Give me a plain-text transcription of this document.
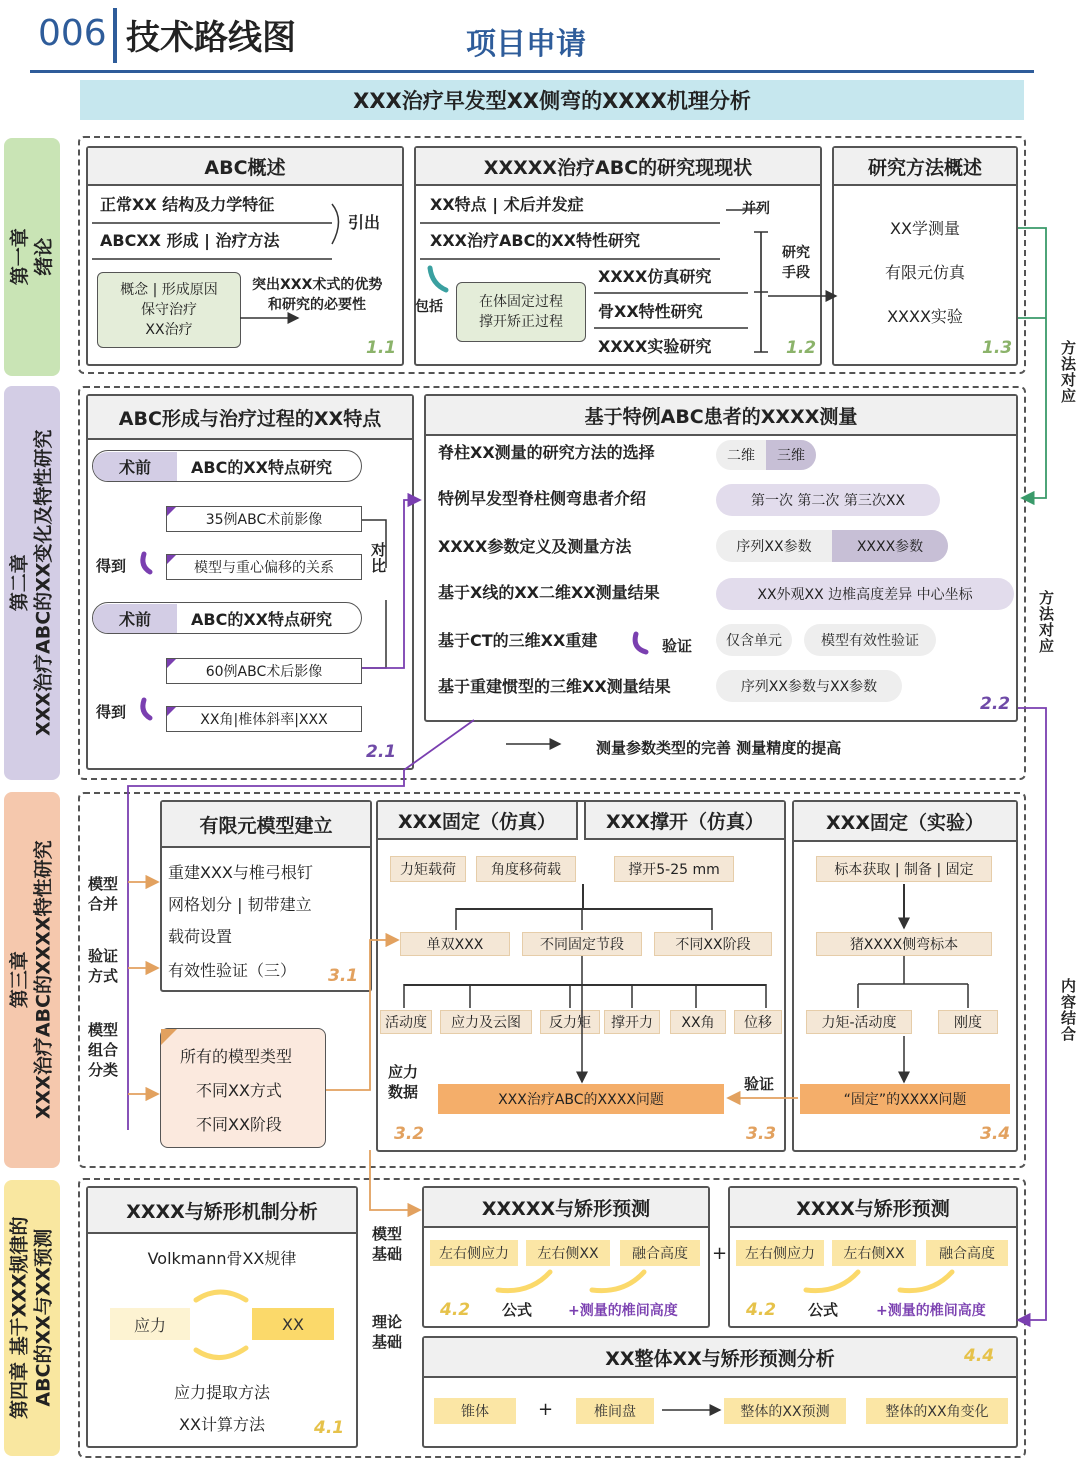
006 技术路线图	项目申请
XXX治疗早发型XX侧弯的XXXX机理分析
第一章 绪论
第二章 XXX治疗ABC的XX变化及特性研究
第三章 XXX治疗ABC的XXXX特性研究
第四章 基于XXX规律的 ABC的XX与XX预测
ABC概述
正常XX 结构及力学特征
ABCXX 形成 | 治疗方法
引出
概念 | 形成原因
保守治疗
XX治疗
突出XXX术式的优势
和研究的必要性
1.1
XXXXX治疗ABC的研究现现状
XX特点 | 术后并发症	并列
XXX治疗ABC的XX特性研究
包括	在体固定过程
撑开矫正过程
XXXX仿真研究
骨XX特性研究
XXXX实验研究
研究
手段
1.2
研究方法概述
XX学测量
有限元仿真
XXXX实验
1.3
ABC形成与治疗过程的XX特点
术前	ABC的XX特点研究
35例ABC术前影像
得到	模型与重心偏移的关系	对比
术前	ABC的XX特点研究
60例ABC术后影像
得到	XX角|椎体斜率|XXX
2.1
基于特例ABC患者的XXXX测量
脊柱XX测量的研究方法的选择	二维	三维
特例早发型脊柱侧弯患者介绍	第一次 第二次 第三次XX
XXXX参数定义及测量方法	序列XX参数	XXXX参数
基于X线的XX二维XX测量结果	XX外观XX 边椎高度差异 中心坐标
基于CT的三维XX重建	验证	仅含单元	模型有效性验证
基于重建惯型的三维XX测量结果	序列XX参数与XX参数
2.2
测量参数类型的完善 测量精度的提高
有限元模型建立
重建XXX与椎弓根钉
网格划分 | 韧带建立
载荷设置
有效性验证（三） 3.1
模型
合并
验证
方式
模型
组合
分类
所有的模型类型
不同XX方式
不同XX阶段
XXX固定（仿真）	XXX撑开（仿真）
力矩载荷	角度移荷载	撑开5-25 mm
单双XXX	不同固定节段	不同XX阶段
活动度	应力及云图	反力矩	撑开力	XX角	位移
应力
数据	XXX治疗ABC的XXXX问题
验证
3.2	3.3
XXX固定（实验）
标本获取 | 制备 | 固定
猪XXXX侧弯标本
力矩-活动度	刚度
“固定”的XXXX问题
3.4
XXXX与矫形机制分析
Volkmann骨XX规律
应力	XX
应力提取方法
XX计算方法	4.1
模型
基础
理论
基础
XXXXX与矫形预测
左右侧应力	左右侧XX	融合高度
4.2 公式	+测量的椎间高度
+
XXXX与矫形预测
左右侧应力	左右侧XX	融合高度
4.2 公式	+测量的椎间高度
XX整体XX与矫形预测分析	4.4
锥体	+	椎间盘	整体的XX预测	整体的XX角变化
方法对应
方法对应
内容结合
